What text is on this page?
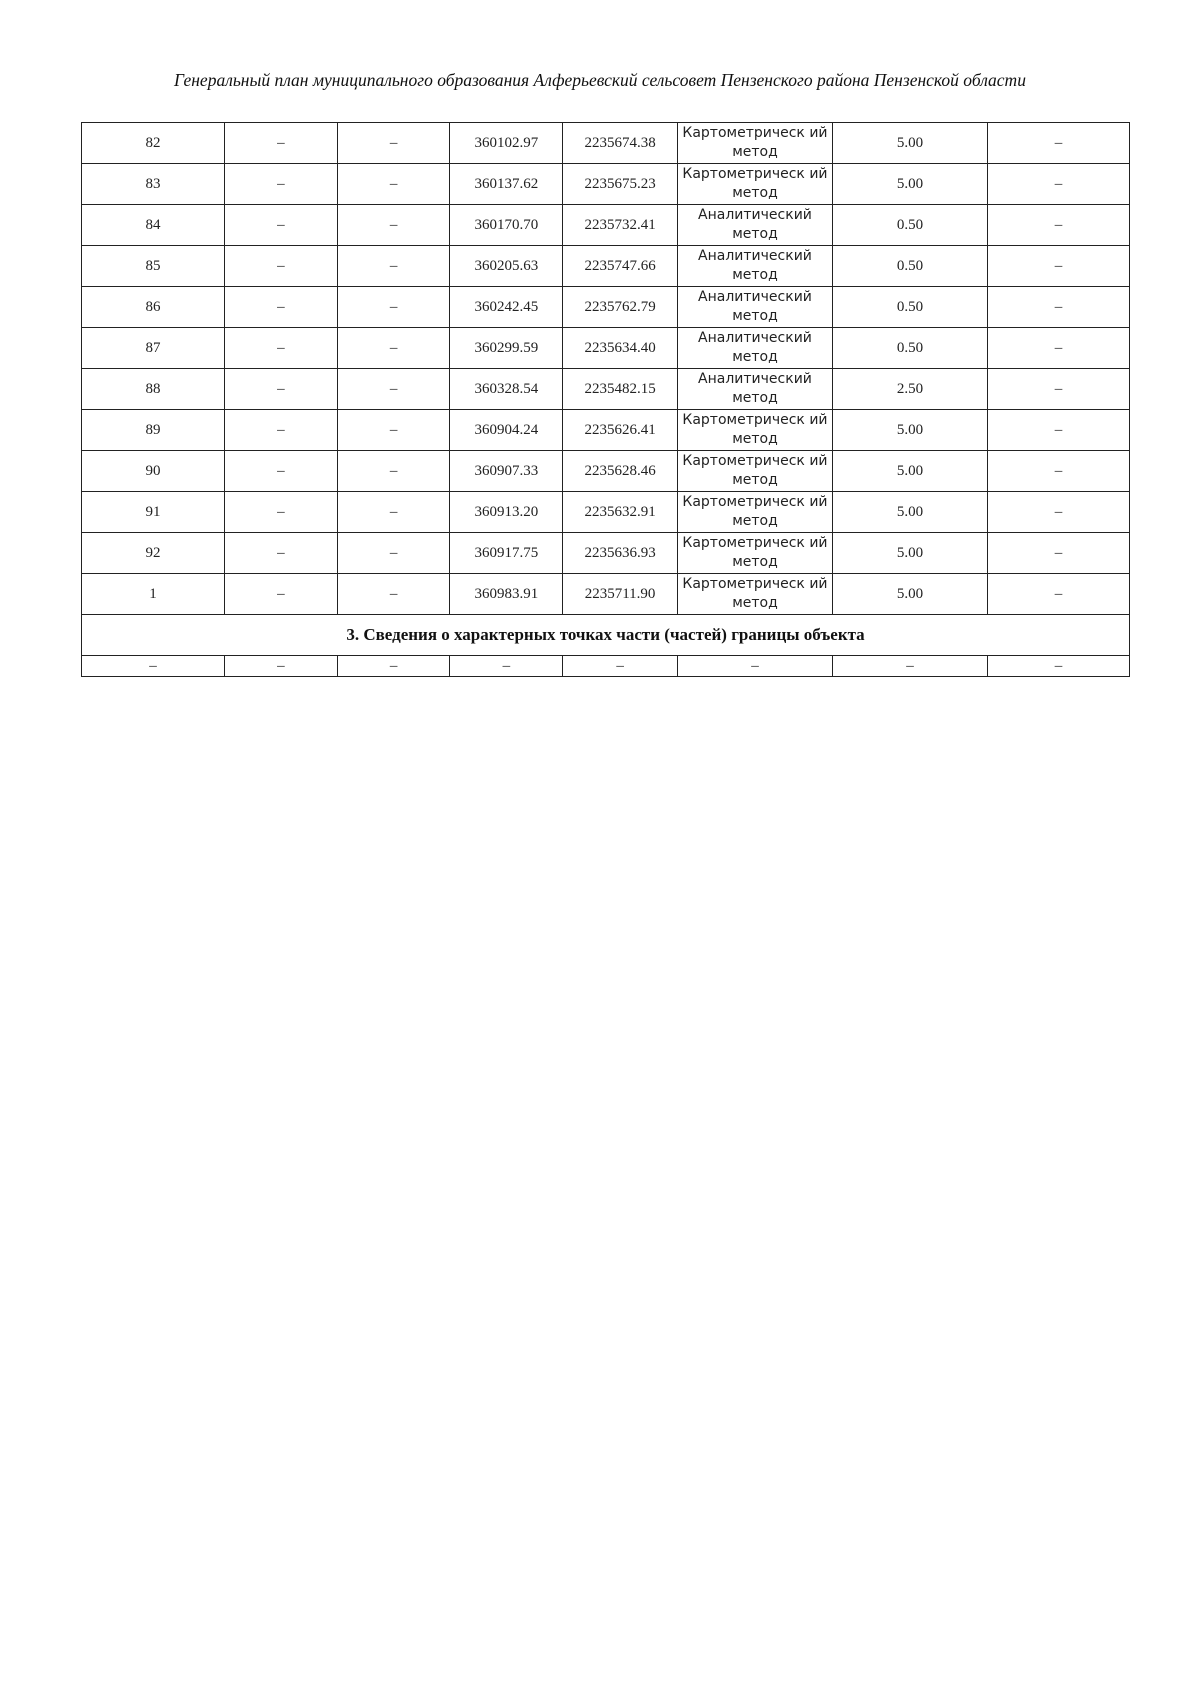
Генеральный план муниципального образования Алферьевский сельсовет Пензенского района Пензенской области
82	–	–	360102.97	2235674.38	Картометрическ ий метод	5.00	–
83	–	–	360137.62	2235675.23	Картометрическ ий метод	5.00	–
84	–	–	360170.70	2235732.41	Аналитический метод	0.50	–
85	–	–	360205.63	2235747.66	Аналитический метод	0.50	–
86	–	–	360242.45	2235762.79	Аналитический метод	0.50	–
87	–	–	360299.59	2235634.40	Аналитический метод	0.50	–
88	–	–	360328.54	2235482.15	Аналитический метод	2.50	–
89	–	–	360904.24	2235626.41	Картометрическ ий метод	5.00	–
90	–	–	360907.33	2235628.46	Картометрическ ий метод	5.00	–
91	–	–	360913.20	2235632.91	Картометрическ ий метод	5.00	–
92	–	–	360917.75	2235636.93	Картометрическ ий метод	5.00	–
1	–	–	360983.91	2235711.90	Картометрическ ий метод	5.00	–
3. Сведения о характерных точках части (частей) границы объекта							
–	–	–	–	–	–	–	–
